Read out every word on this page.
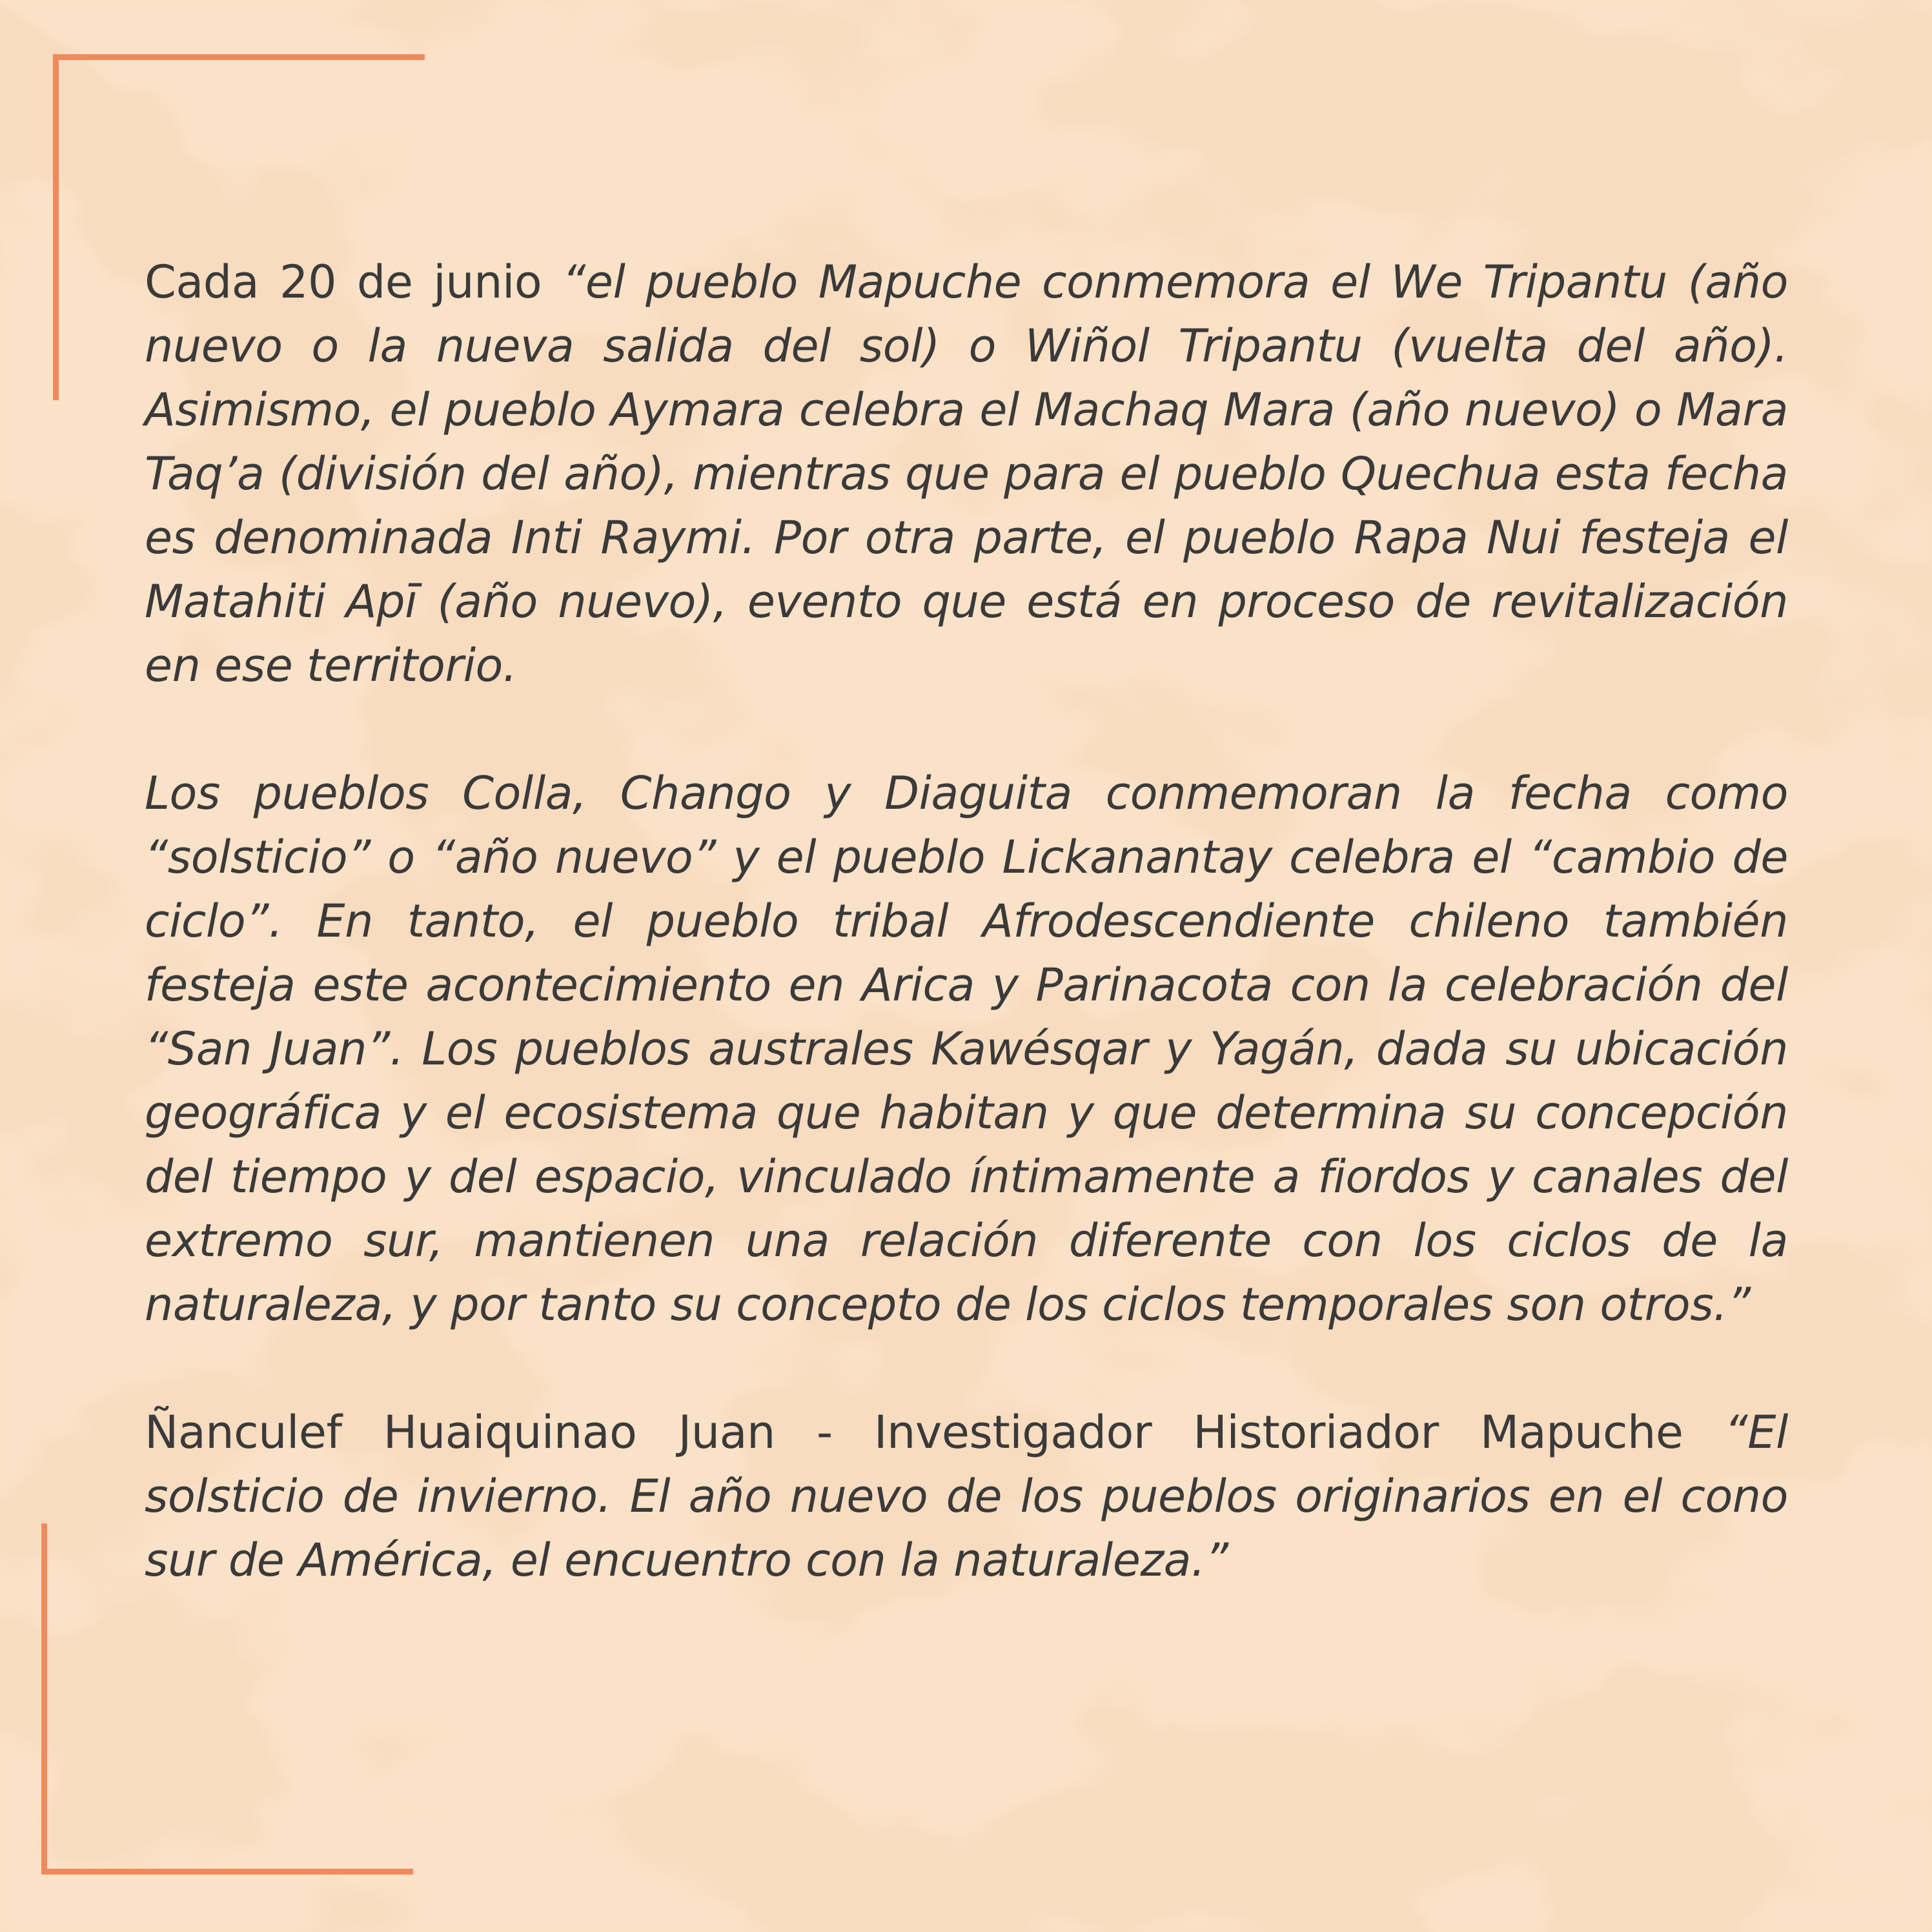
Cada 20 de junio “el pueblo Mapuche conmemora el We Tripantu (año nuevo o la nueva salida del sol) o Wiñol Tripantu (vuelta del año). Asimismo, el pueblo Aymara celebra el Machaq Mara (año nuevo) o Mara Taq’a (división del año), mientras que para el pueblo Quechua esta fecha es denominada Inti Raymi. Por otra parte, el pueblo Rapa Nui festeja el Matahiti Apī (año nuevo), evento que está en proceso de revitalización en ese territorio.

Los pueblos Colla, Chango y Diaguita conmemoran la fecha como “solsticio” o “año nuevo” y el pueblo Lickanantay celebra el “cambio de ciclo”. En tanto, el pueblo tribal Afrodescendiente chileno también festeja este acontecimiento en Arica y Parinacota con la celebración del “San Juan”. Los pueblos australes Kawésqar y Yagán, dada su ubicación geográfica y el ecosistema que habitan y que determina su concepción del tiempo y del espacio, vinculado íntimamente a fiordos y canales del extremo sur, mantienen una relación diferente con los ciclos de la naturaleza, y por tanto su concepto de los ciclos temporales son otros.”

Ñanculef Huaiquinao Juan - Investigador Historiador Mapuche “El solsticio de invierno. El año nuevo de los pueblos originarios en el cono sur de América, el encuentro con la naturaleza.”
